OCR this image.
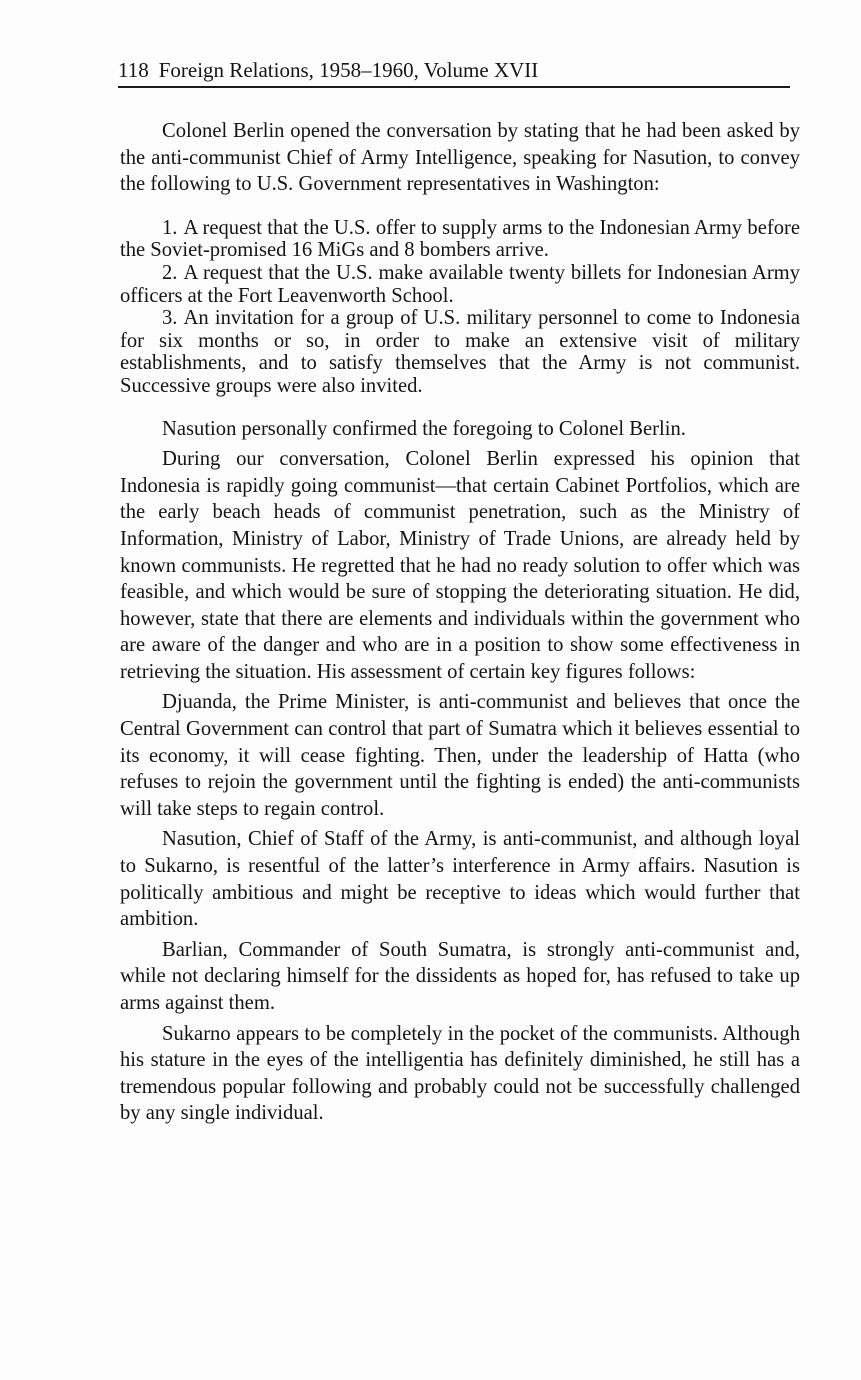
118 Foreign Relations, 1958–1960, Volume XVII

Colonel Berlin opened the conversation by stating that he had been asked by the anti-communist Chief of Army Intelligence, speaking for Nasution, to convey the following to U.S. Government representatives in Washington:

1. A request that the U.S. offer to supply arms to the Indonesian Army before the Soviet-promised 16 MiGs and 8 bombers arrive.
2. A request that the U.S. make available twenty billets for Indonesian Army officers at the Fort Leavenworth School.
3. An invitation for a group of U.S. military personnel to come to Indonesia for six months or so, in order to make an extensive visit of military establishments, and to satisfy themselves that the Army is not communist. Successive groups were also invited.

Nasution personally confirmed the foregoing to Colonel Berlin.

During our conversation, Colonel Berlin expressed his opinion that Indonesia is rapidly going communist—that certain Cabinet Portfolios, which are the early beach heads of communist penetration, such as the Ministry of Information, Ministry of Labor, Ministry of Trade Unions, are already held by known communists. He regretted that he had no ready solution to offer which was feasible, and which would be sure of stopping the deteriorating situation. He did, however, state that there are elements and individuals within the government who are aware of the danger and who are in a position to show some effectiveness in retrieving the situation. His assessment of certain key figures follows:

Djuanda, the Prime Minister, is anti-communist and believes that once the Central Government can control that part of Sumatra which it believes essential to its economy, it will cease fighting. Then, under the leadership of Hatta (who refuses to rejoin the government until the fighting is ended) the anti-communists will take steps to regain control.

Nasution, Chief of Staff of the Army, is anti-communist, and although loyal to Sukarno, is resentful of the latter’s interference in Army affairs. Nasution is politically ambitious and might be receptive to ideas which would further that ambition.

Barlian, Commander of South Sumatra, is strongly anti-communist and, while not declaring himself for the dissidents as hoped for, has refused to take up arms against them.

Sukarno appears to be completely in the pocket of the communists. Although his stature in the eyes of the intelligentia has definitely diminished, he still has a tremendous popular following and probably could not be successfully challenged by any single individual.
